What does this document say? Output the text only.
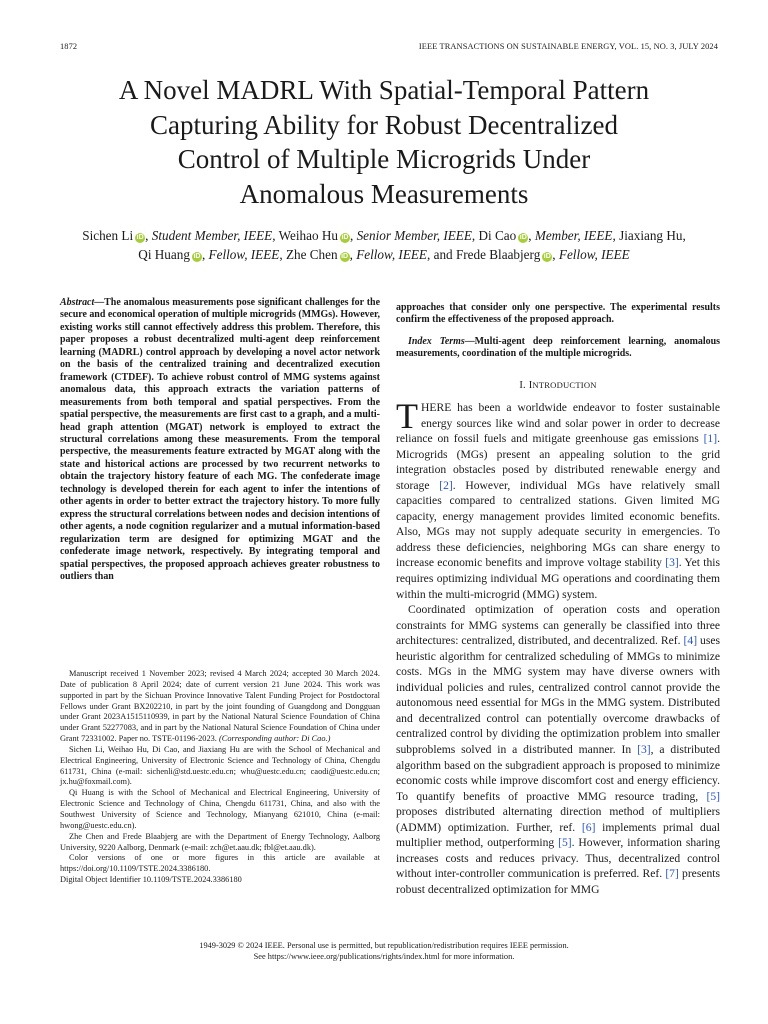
1872	IEEE TRANSACTIONS ON SUSTAINABLE ENERGY, VOL. 15, NO. 3, JULY 2024
A Novel MADRL With Spatial-Temporal Pattern
Capturing Ability for Robust Decentralized
Control of Multiple Microgrids Under
Anomalous Measurements
Sichen Li iD , Student Member, IEEE, Weihao Hu iD , Senior Member, IEEE, Di Cao iD , Member, IEEE, Jiaxiang Hu,
Qi Huang iD , Fellow, IEEE, Zhe Chen iD , Fellow, IEEE, and Frede Blaabjerg iD , Fellow, IEEE
Abstract—The anomalous measurements pose significant challenges for the secure and economical operation of multiple microgrids (MMGs). However, existing works still cannot effectively address this problem. Therefore, this paper proposes a robust decentralized multi-agent deep reinforcement learning (MADRL) control approach by developing a novel actor network on the basis of the centralized training and decentralized execution framework (CTDEF). To achieve robust control of MMG systems against anomalous data, this approach extracts the variation patterns of measurements from both temporal and spatial perspectives. From the spatial perspective, the measurements are first cast to a graph, and a multi-head graph attention (MGAT) network is employed to extract the structural correlations among these measurements. From the temporal perspective, the measurements feature extracted by MGAT along with the state and historical actions are processed by two recurrent networks to obtain the trajectory history feature of each MG. The confederate image technology is developed therein for each agent to infer the intentions of other agents in order to better extract the trajectory history. To more fully express the structural correlations between nodes and decision intentions of other agents, a node cognition regularizer and a mutual information-based regularization term are designed for optimizing MGAT and the confederate image network, respectively. By integrating temporal and spatial perspectives, the proposed approach achieves greater robustness to outliers than
approaches that consider only one perspective. The experimental results confirm the effectiveness of the proposed approach.
Index Terms—Multi-agent deep reinforcement learning, anomalous measurements, coordination of the multiple microgrids.
I. INTRODUCTION

THERE has been a worldwide endeavor to foster sustainable energy sources like wind and solar power in order to decrease reliance on fossil fuels and mitigate greenhouse gas emissions [1]. Microgrids (MGs) present an appealing solution to the grid integration obstacles posed by distributed renewable energy and storage [2]. However, individual MGs have relatively small capacities compared to centralized stations. Given limited MG capacity, energy management provides limited economic benefits. Also, MGs may not supply adequate security in emergencies. To address these deficiencies, neighboring MGs can share energy to increase economic benefits and improve voltage stability [3]. Yet this requires optimizing individual MG operations and coordinating them within the multi-microgrid (MMG) system.

Coordinated optimization of operation costs and operation constraints for MMG systems can generally be classified into three architectures: centralized, distributed, and decentralized. Ref. [4] uses heuristic algorithm for centralized scheduling of MMGs to minimize costs. MGs in the MMG system may have diverse owners with individual policies and rules, centralized control cannot provide the autonomous need essential for MGs in the MMG system. Distributed and decentralized control can potentially overcome drawbacks of centralized control by dividing the optimization problem into smaller subproblems solved in a distributed manner. In [3], a distributed algorithm based on the subgradient approach is proposed to minimize economic costs while improve discomfort cost and energy efficiency. To quantify benefits of proactive MMG resource trading, [5] proposes distributed alternating direction method of multipliers (ADMM) optimization. Further, ref. [6] implements primal dual multiplier method, outperforming [5]. However, information sharing increases costs and reduces privacy. Thus, decentralized control without inter-controller communication is preferred. Ref. [7] presents robust decentralized optimization for MMG

Manuscript received 1 November 2023; revised 4 March 2024; accepted 30 March 2024. Date of publication 8 April 2024; date of current version 21 June 2024. This work was supported in part by the Sichuan Province Innovative Talent Funding Project for Postdoctoral Fellows under Grant BX202210, in part by the joint founding of Guangdong and Dongguan under Grant 2023A1515110939, in part by the National Natural Science Foundation of China under Grant 52277083, and in part by the National Natural Science Foundation of China under Grant 72331002. Paper no. TSTE-01196-2023. (Corresponding author: Di Cao.)

Sichen Li, Weihao Hu, Di Cao, and Jiaxiang Hu are with the School of Mechanical and Electrical Engineering, University of Electronic Science and Technology of China, Chengdu 611731, China (e-mail: sichenli@std.uestc.edu.cn; whu@uestc.edu.cn; caodi@uestc.edu.cn; jx.hu@foxmail.com).

Qi Huang is with the School of Mechanical and Electrical Engineering, University of Electronic Science and Technology of China, Chengdu 611731, China, and also with the Southwest University of Science and Technology, Mianyang 621010, China (e-mail: hwong@uestc.edu.cn).

Zhe Chen and Frede Blaabjerg are with the Department of Energy Technology, Aalborg University, 9220 Aalborg, Denmark (e-mail: zch@et.aau.dk; fbl@et.aau.dk).

Color versions of one or more figures in this article are available at https://doi.org/10.1109/TSTE.2024.3386180.

Digital Object Identifier 10.1109/TSTE.2024.3386180

1949-3029 © 2024 IEEE. Personal use is permitted, but republication/redistribution requires IEEE permission.
See https://www.ieee.org/publications/rights/index.html for more information.
